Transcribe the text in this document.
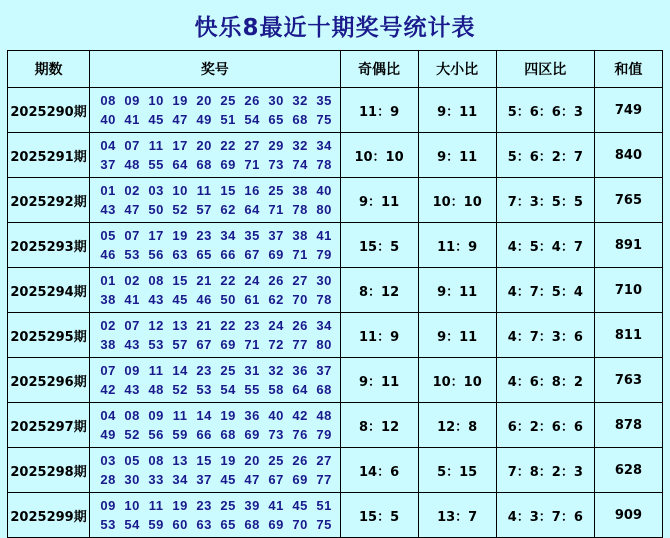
快乐8最近十期奖号统计表
期数	奖号	奇偶比	大小比	四区比	和值
2025290期	08 09 10 19 20 25 26 30 32 35
40 41 45 47 49 51 54 65 68 75	11：9	9：11	5：6：6：3	749
2025291期	04 07 11 17 20 22 27 29 32 34
37 48 55 64 68 69 71 73 74 78	10：10	9：11	5：6：2：7	840
2025292期	01 02 03 10 11 15 16 25 38 40
43 47 50 52 57 62 64 71 78 80	9：11	10：10	7：3：5：5	765
2025293期	05 07 17 19 23 34 35 37 38 41
46 53 56 63 65 66 67 69 71 79	15：5	11：9	4：5：4：7	891
2025294期	01 02 08 15 21 22 24 26 27 30
38 41 43 45 46 50 61 62 70 78	8：12	9：11	4：7：5：4	710
2025295期	02 07 12 13 21 22 23 24 26 34
38 43 53 57 67 69 71 72 77 80	11：9	9：11	4：7：3：6	811
2025296期	07 09 11 14 23 25 31 32 36 37
42 43 48 52 53 54 55 58 64 68	9：11	10：10	4：6：8：2	763
2025297期	04 08 09 11 14 19 36 40 42 48
49 52 56 59 66 68 69 73 76 79	8：12	12：8	6：2：6：6	878
2025298期	03 05 08 13 15 19 20 25 26 27
28 30 33 34 37 45 47 67 69 77	14：6	5：15	7：8：2：3	628
2025299期	09 10 11 19 23 25 39 41 45 51
53 54 59 60 63 65 68 69 70 75	15：5	13：7	4：3：7：6	909
